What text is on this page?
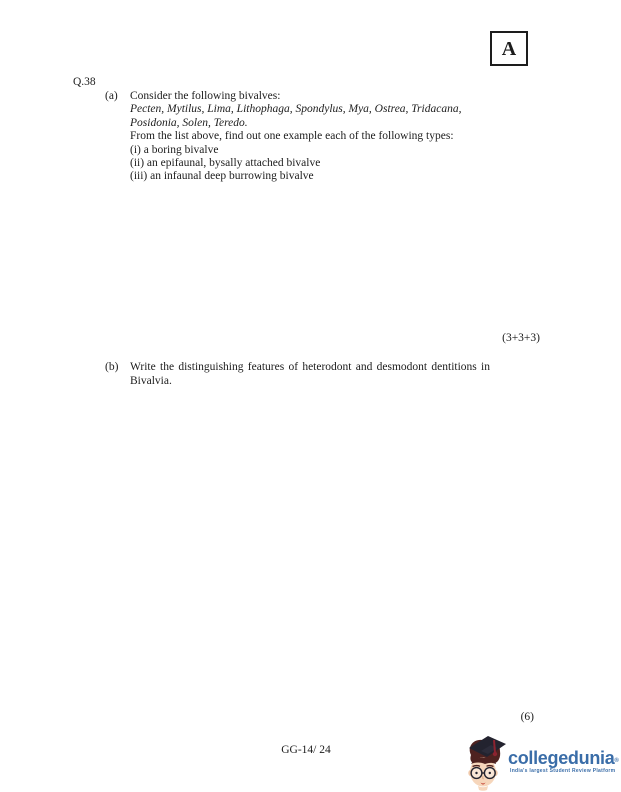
A
Q.38
(a) Consider the following bivalves:
Pecten, Mytilus, Lima, Lithophaga, Spondylus, Mya, Ostrea, Tridacana,
Posidonia, Solen, Teredo.
From the list above, find out one example each of the following types:
(i) a boring bivalve
(ii) an epifaunal, bysally attached bivalve
(iii) an infaunal deep burrowing bivalve
(3+3+3)
(b) Write the distinguishing features of heterodont and desmodont dentitions in
Bivalvia.
(6)
GG-14/ 24	collegedunia®
India's largest Student Review Platform
